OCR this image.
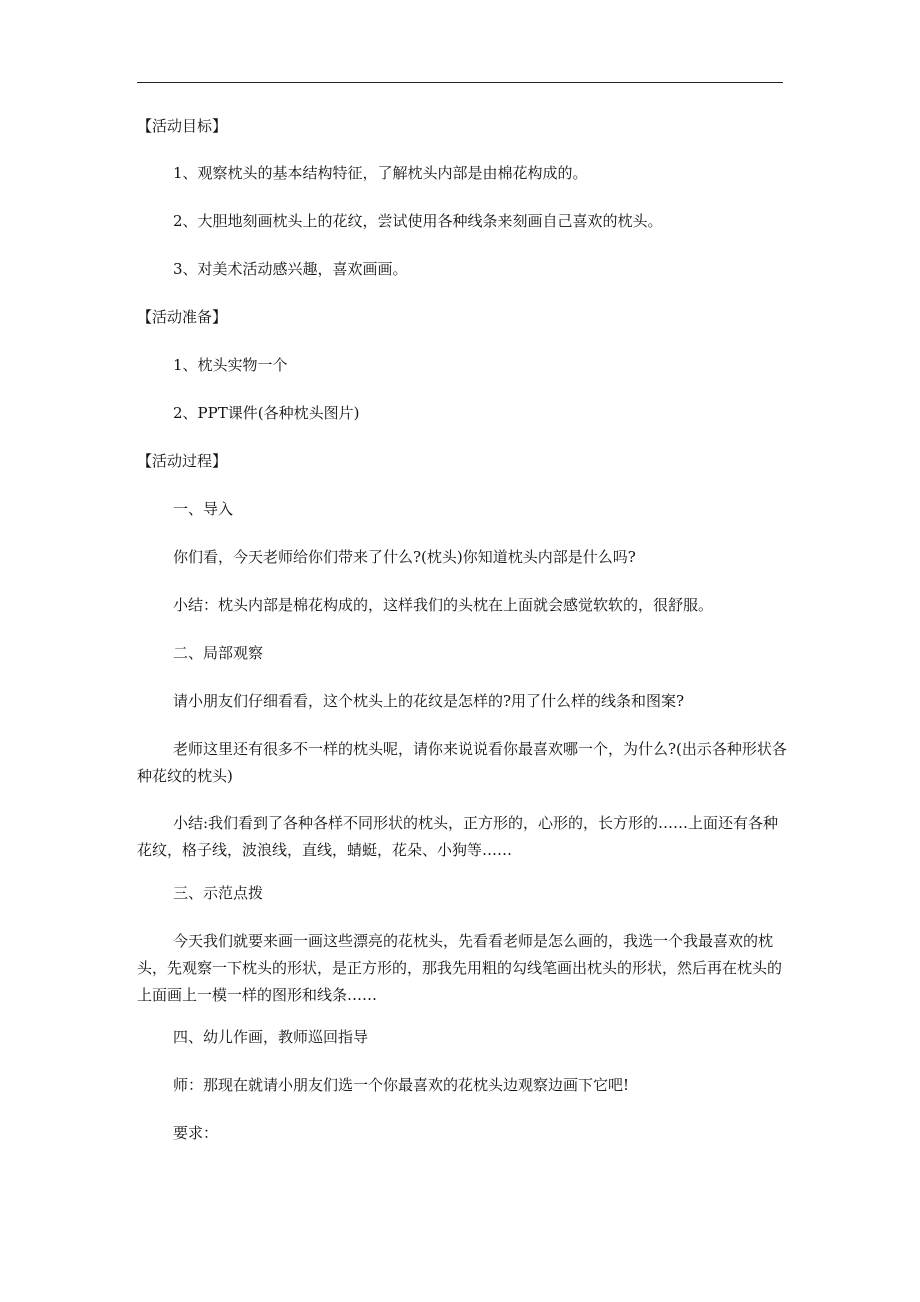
【活动目标】
1、观察枕头的基本结构特征，了解枕头内部是由棉花构成的。
2、大胆地刻画枕头上的花纹，尝试使用各种线条来刻画自己喜欢的枕头。
3、对美术活动感兴趣，喜欢画画。
【活动准备】
1、枕头实物一个
2、PPT课件(各种枕头图片)
【活动过程】
一、导入
你们看，今天老师给你们带来了什么?(枕头)你知道枕头内部是什么吗?
小结：枕头内部是棉花构成的，这样我们的头枕在上面就会感觉软软的，很舒服。
二、局部观察
请小朋友们仔细看看，这个枕头上的花纹是怎样的?用了什么样的线条和图案?
老师这里还有很多不一样的枕头呢，请你来说说看你最喜欢哪一个，为什么?(出示各种形状各种花纹的枕头)
小结:我们看到了各种各样不同形状的枕头，正方形的，心形的，长方形的……上面还有各种花纹，格子线，波浪线，直线，蜻蜓，花朵、小狗等……
三、示范点拨
今天我们就要来画一画这些漂亮的花枕头，先看看老师是怎么画的，我选一个我最喜欢的枕头，先观察一下枕头的形状，是正方形的，那我先用粗的勾线笔画出枕头的形状，然后再在枕头的上面画上一模一样的图形和线条……
四、幼儿作画，教师巡回指导
师：那现在就请小朋友们选一个你最喜欢的花枕头边观察边画下它吧!
要求：
